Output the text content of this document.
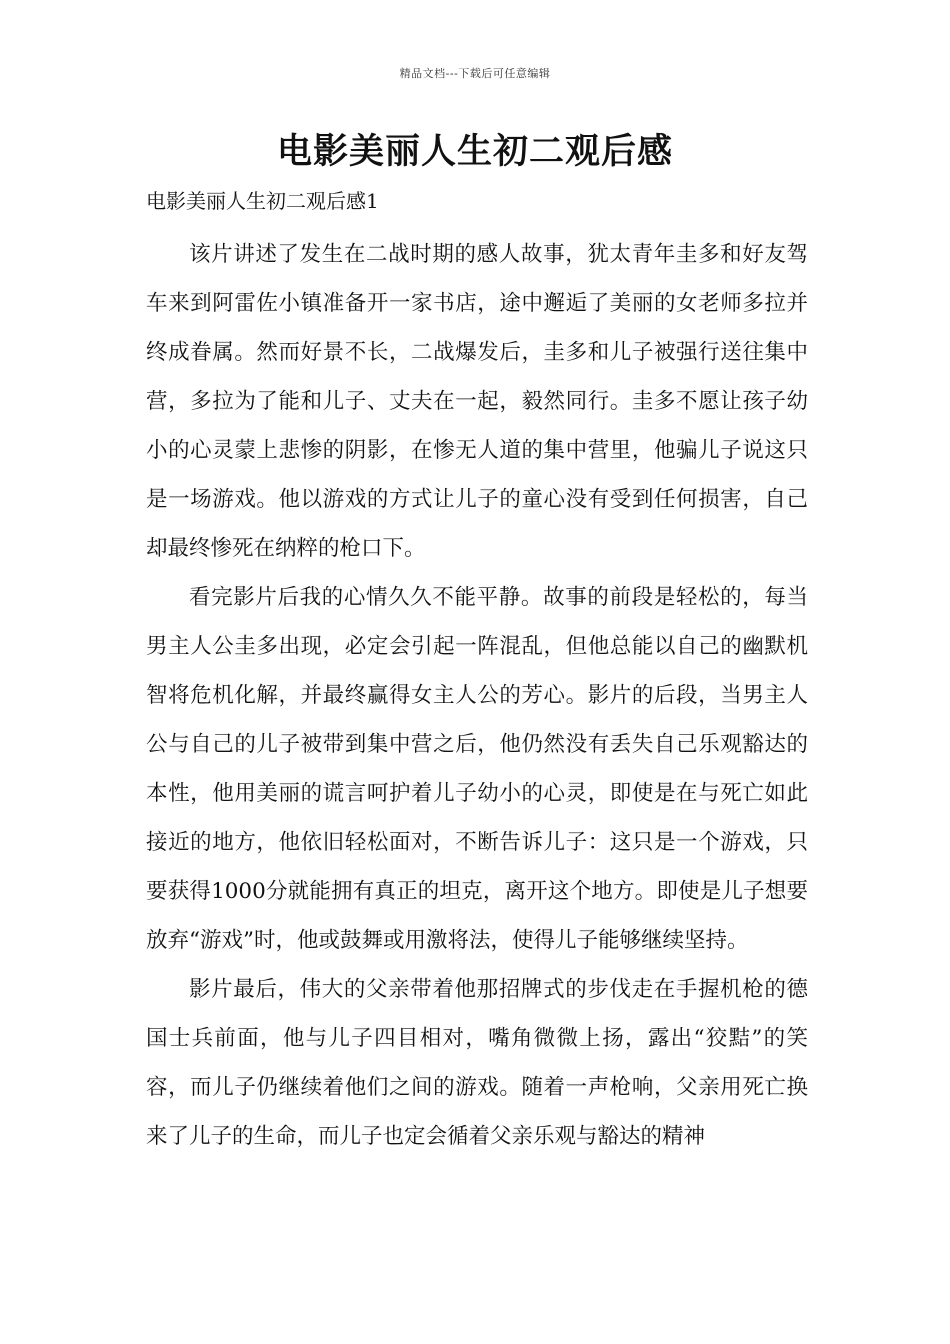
精品文档---下载后可任意编辑
电影美丽人生初二观后感
电影美丽人生初二观后感1

该片讲述了发生在二战时期的感人故事，犹太青年圭多和好友驾车来到阿雷佐小镇准备开一家书店，途中邂逅了美丽的女老师多拉并终成眷属。然而好景不长，二战爆发后，圭多和儿子被强行送往集中营，多拉为了能和儿子、丈夫在一起，毅然同行。圭多不愿让孩子幼小的心灵蒙上悲惨的阴影，在惨无人道的集中营里，他骗儿子说这只是一场游戏。他以游戏的方式让儿子的童心没有受到任何损害，自己却最终惨死在纳粹的枪口下。

看完影片后我的心情久久不能平静。故事的前段是轻松的，每当男主人公圭多出现，必定会引起一阵混乱，但他总能以自己的幽默机智将危机化解，并最终赢得女主人公的芳心。影片的后段，当男主人公与自己的儿子被带到集中营之后，他仍然没有丢失自己乐观豁达的本性，他用美丽的谎言呵护着儿子幼小的心灵，即使是在与死亡如此接近的地方，他依旧轻松面对，不断告诉儿子：这只是一个游戏，只要获得1000分就能拥有真正的坦克，离开这个地方。即使是儿子想要放弃“游戏”时，他或鼓舞或用激将法，使得儿子能够继续坚持。

影片最后，伟大的父亲带着他那招牌式的步伐走在手握机枪的德国士兵前面，他与儿子四目相对，嘴角微微上扬，露出“狡黠”的笑容，而儿子仍继续着他们之间的游戏。随着一声枪响，父亲用死亡换来了儿子的生命，而儿子也定会循着父亲乐观与豁达的精神
